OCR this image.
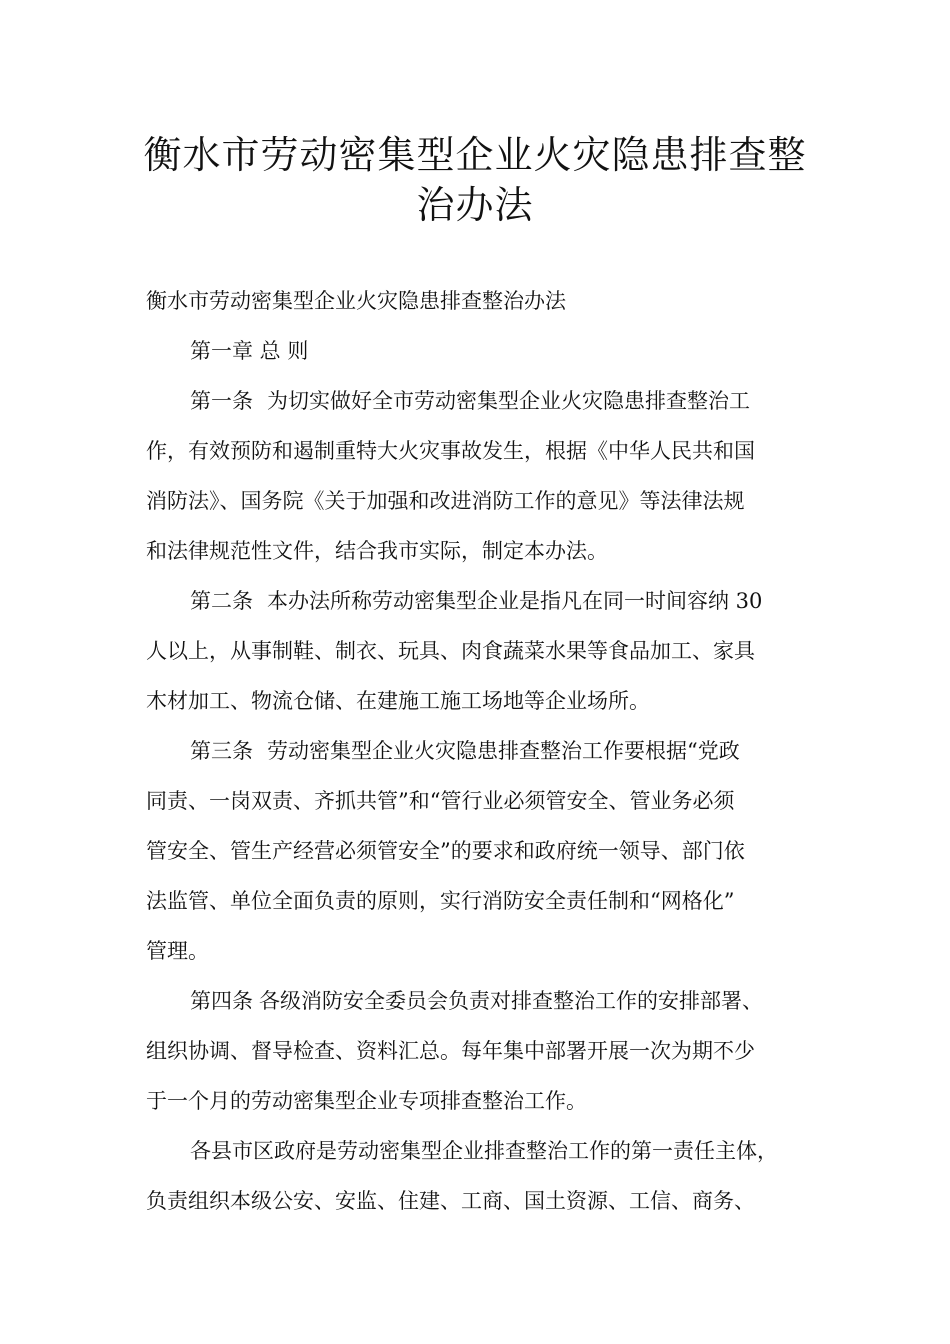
衡水市劳动密集型企业火灾隐患排查整
治办法
衡水市劳动密集型企业火灾隐患排查整治办法
第一章 总 则
第一条 为切实做好全市劳动密集型企业火灾隐患排查整治工
作，有效预防和遏制重特大火灾事故发生，根据《中华人民共和国
消防法》、国务院《关于加强和改进消防工作的意见》等法律法规
和法律规范性文件，结合我市实际，制定本办法。
第二条 本办法所称劳动密集型企业是指凡在同一时间容纳 30
人以上，从事制鞋、制衣、玩具、肉食蔬菜水果等食品加工、家具
木材加工、物流仓储、在建施工施工场地等企业场所。
第三条 劳动密集型企业火灾隐患排查整治工作要根据“党政
同责、一岗双责、齐抓共管”和“管行业必须管安全、管业务必须
管安全、管生产经营必须管安全”的要求和政府统一领导、部门依
法监管、单位全面负责的原则，实行消防安全责任制和“网格化”
管理。
第四条 各级消防安全委员会负责对排查整治工作的安排部署、
组织协调、督导检查、资料汇总。每年集中部署开展一次为期不少
于一个月的劳动密集型企业专项排查整治工作。
各县市区政府是劳动密集型企业排查整治工作的第一责任主体，
负责组织本级公安、安监、住建、工商、国土资源、工信、商务、
